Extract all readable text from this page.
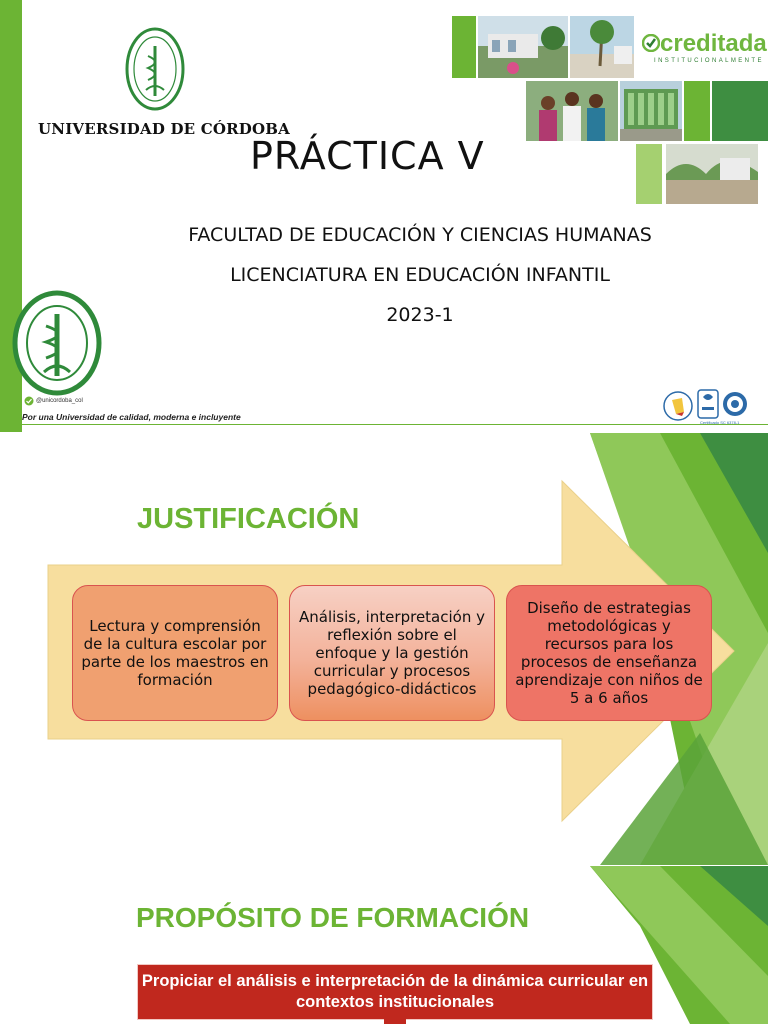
UNIVERSIDAD DE CÓRDOBA
PRÁCTICA V
FACULTAD DE EDUCACIÓN Y CIENCIAS HUMANAS
LICENCIATURA EN EDUCACIÓN INFANTIL
2023-1
creditada
INSTITUCIONALMENTE
@unicordoba_col
Por una Universidad de calidad, moderna e incluyente
Certificado SC 6378-1
JUSTIFICACIÓN
Lectura y comprensión de la cultura escolar por parte de los maestros en formación
Análisis, interpretación y reflexión sobre el enfoque y la gestión curricular y procesos pedagógico-didácticos
Diseño de estrategias metodológicas y recursos para los procesos de enseñanza aprendizaje con niños de 5 a 6 años
PROPÓSITO DE FORMACIÓN
Propiciar el análisis e interpretación de la dinámica curricular en contextos institucionales
